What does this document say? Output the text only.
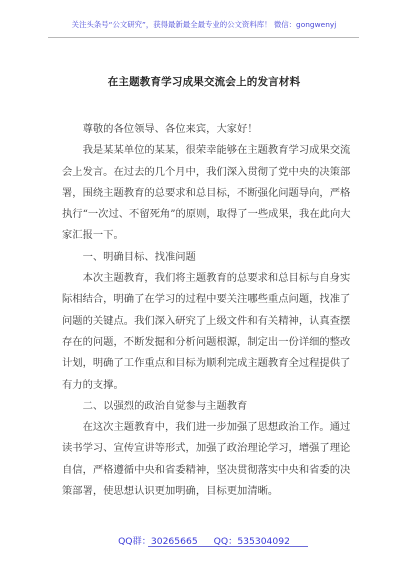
关注头条号“公文研究”，获得最新最全最专业的公文资料库！ 微信：gongwenyj
在主题教育学习成果交流会上的发言材料

尊敬的各位领导、各位来宾，大家好！

我是某某单位的某某，很荣幸能够在主题教育学习成果交流会上发言。在过去的几个月中，我们深入贯彻了党中央的决策部署，围绕主题教育的总要求和总目标，不断强化问题导向，严格执行“一次过、不留死角”的原则，取得了一些成果，我在此向大家汇报一下。

一、明确目标、找准问题

本次主题教育，我们将主题教育的总要求和总目标与自身实际相结合，明确了在学习的过程中要关注哪些重点问题，找准了问题的关键点。我们深入研究了上级文件和有关精神，认真查摆存在的问题，不断发掘和分析问题根源，制定出一份详细的整改计划，明确了工作重点和目标为顺利完成主题教育全过程提供了有力的支撑。

二、以强烈的政治自觉参与主题教育

在这次主题教育中，我们进一步加强了思想政治工作。通过读书学习、宣传宣讲等形式，加强了政治理论学习，增强了理论自信，严格遵循中央和省委精神，坚决贯彻落实中央和省委的决策部署，使思想认识更加明确，目标更加清晰。

QQ群：30265665 QQ：535304092
